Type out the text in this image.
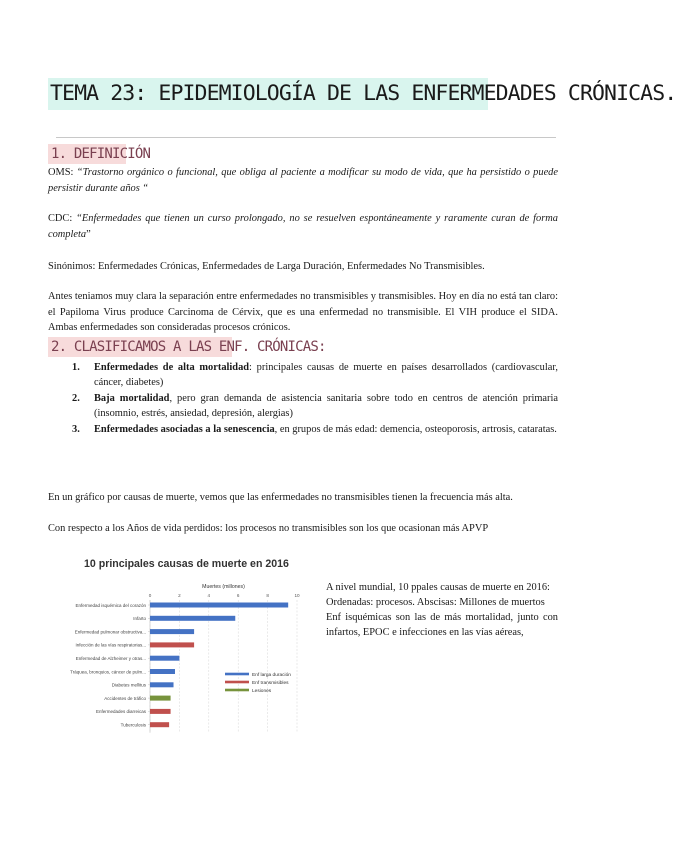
TEMA 23: EPIDEMIOLOGÍA DE LAS ENFERMEDADES CRÓNICAS.
1. DEFINICIÓN

OMS: “Trastorno orgánico o funcional, que obliga al paciente a modificar su modo de vida, que ha persistido o puede persistir durante años “

CDC: “Enfermedades que tienen un curso prolongado, no se resuelven espontáneamente y raramente curan de forma completa”

Sinónimos: Enfermedades Crónicas, Enfermedades de Larga Duración, Enfermedades No Transmisibles.

Antes teniamos muy clara la separación entre enfermedades no transmisibles y transmisibles. Hoy en día no está tan claro: el Papiloma Virus produce Carcinoma de Cérvix, que es una enfermedad no transmisible. El VIH produce el SIDA. Ambas enfermedades son consideradas procesos crónicos.

2. CLASIFICAMOS A LAS ENF. CRÓNICAS:
1. Enfermedades de alta mortalidad: principales causas de muerte en países desarrollados (cardiovascular, cáncer, diabetes)
2. Baja mortalidad, pero gran demanda de asistencia sanitaria sobre todo en centros de atención primaria (insomnio, estrés, ansiedad, depresión, alergias)
3. Enfermedades asociadas a la senescencia, en grupos de más edad: demencia, osteoporosis, artrosis, cataratas.

En un gráfico por causas de muerte, vemos que las enfermedades no transmisibles tienen la frecuencia más alta.

Con respecto a los Años de vida perdidos: los procesos no transmisibles son los que ocasionan más APVP

10 principales causas de muerte en 2016
Muertes (millones)
0	2	4	6	8	10
Enfermedad isquémica del corazón
Infarto
Enfermedad pulmonar obstructiva...
Infección de las vías respiratorias...
Enfermedad de Alzheimer y otras...
Tráquea, bronquios, cáncer de pulm...
Diabetes mellitus
Accidentes de tráfico
Enfermedades diarreicas
Tuberculosis
Enf larga duración
Enf transmisibles
Lesiones

A nivel mundial, 10 ppales causas de muerte en 2016:

Ordenadas: procesos. Abscisas: Millones de muertos

Enf isquémicas son las de más mortalidad, junto con infartos, EPOC e infecciones en las vías aéreas,
